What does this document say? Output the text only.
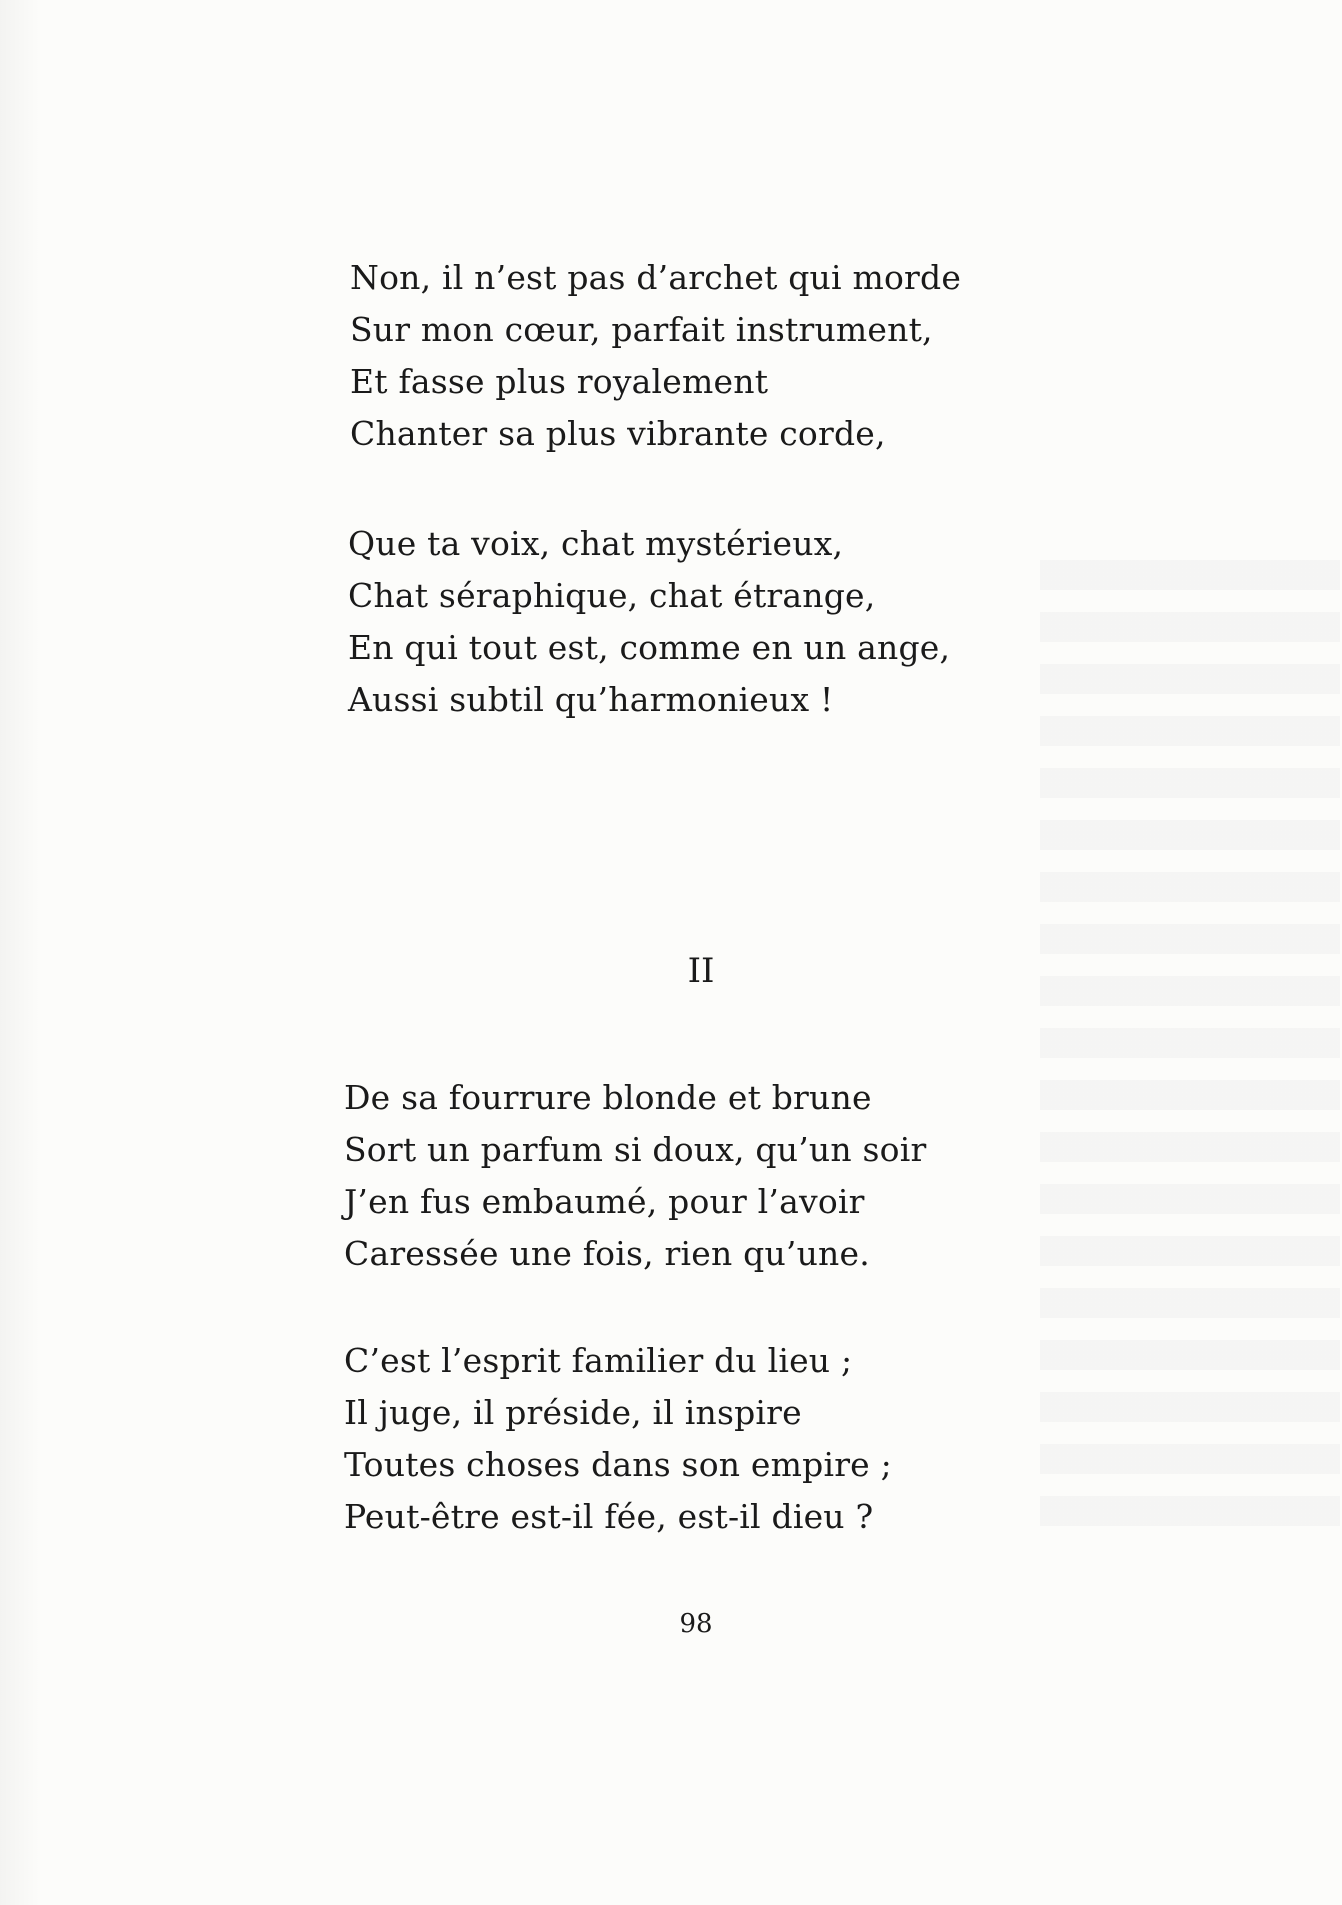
Non, il n’est pas d’archet qui morde
Sur mon cœur, parfait instrument,
Et fasse plus royalement
Chanter sa plus vibrante corde,
Que ta voix, chat mystérieux,
Chat séraphique, chat étrange,
En qui tout est, comme en un ange,
Aussi subtil qu’harmonieux !
II
De sa fourrure blonde et brune
Sort un parfum si doux, qu’un soir
J’en fus embaumé, pour l’avoir
Caressée une fois, rien qu’une.
C’est l’esprit familier du lieu ;
Il juge, il préside, il inspire
Toutes choses dans son empire ;
Peut-être est-il fée, est-il dieu ?
98
